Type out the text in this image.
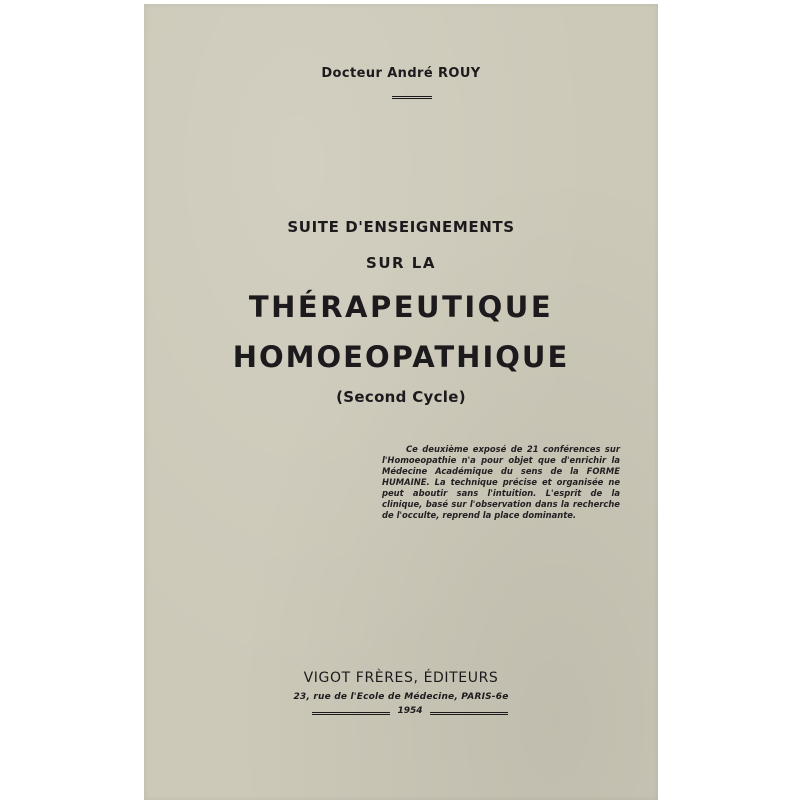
Docteur André ROUY
SUITE D'ENSEIGNEMENTS
SUR LA
THÉRAPEUTIQUE
HOMOEOPATHIQUE
(Second Cycle)
Ce deuxième exposé de 21 conférences sur l'Homoeopathie n'a pour objet que d'enrichir la Médecine Académique du sens de la FORME HUMAINE. La technique précise et organisée ne peut aboutir sans l'intuition. L'esprit de la clinique, basé sur l'observation dans la recherche de l'occulte, reprend la place dominante.
VIGOT FRÈRES, ÉDITEURS
23, rue de l'Ecole de Médecine, PARIS-6e
1954
